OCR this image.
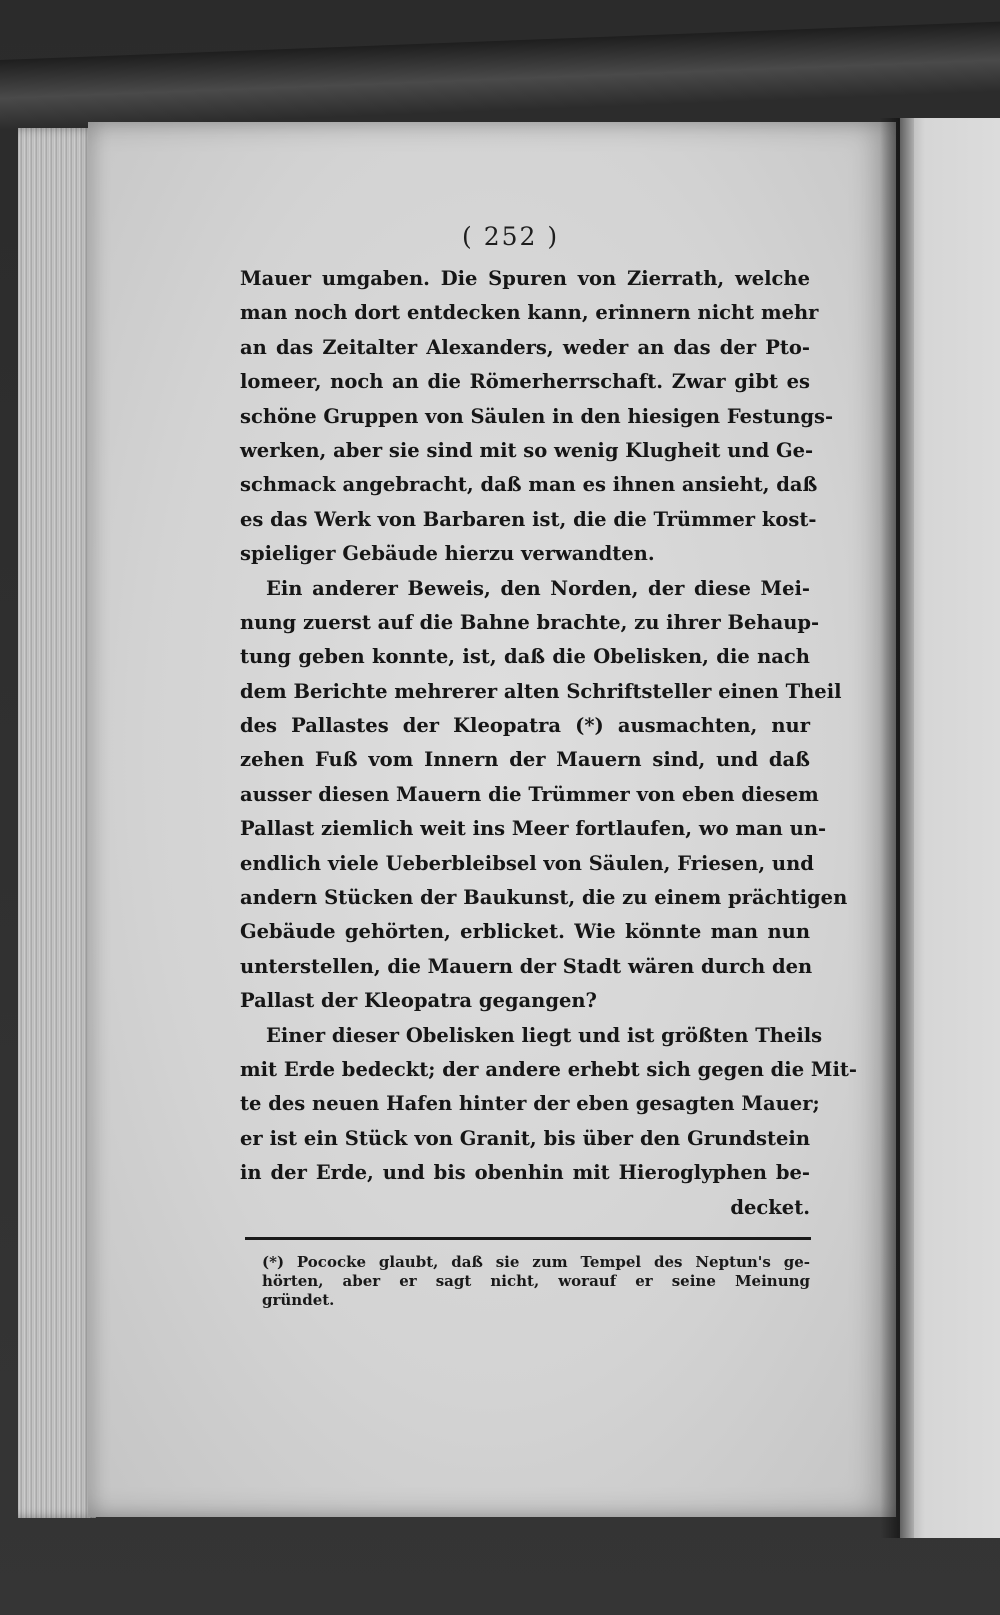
( 252 )
Mauer umgaben. Die Spuren von Zierrath, welche
man noch dort entdecken kann, erinnern nicht mehr
an das Zeitalter Alexanders, weder an das der Pto-
lomeer, noch an die Römerherrschaft. Zwar gibt es
schöne Gruppen von Säulen in den hiesigen Festungs-
werken, aber sie sind mit so wenig Klugheit und Ge-
schmack angebracht, daß man es ihnen ansieht, daß
es das Werk von Barbaren ist, die die Trümmer kost-
spieliger Gebäude hierzu verwandten.
Ein anderer Beweis, den Norden, der diese Mei-
nung zuerst auf die Bahne brachte, zu ihrer Behaup-
tung geben konnte, ist, daß die Obelisken, die nach
dem Berichte mehrerer alten Schriftsteller einen Theil
des Pallastes der Kleopatra (*) ausmachten, nur
zehen Fuß vom Innern der Mauern sind, und daß
ausser diesen Mauern die Trümmer von eben diesem
Pallast ziemlich weit ins Meer fortlaufen, wo man un-
endlich viele Ueberbleibsel von Säulen, Friesen, und
andern Stücken der Baukunst, die zu einem prächtigen
Gebäude gehörten, erblicket. Wie könnte man nun
unterstellen, die Mauern der Stadt wären durch den
Pallast der Kleopatra gegangen?
Einer dieser Obelisken liegt und ist größten Theils
mit Erde bedeckt; der andere erhebt sich gegen die Mit-
te des neuen Hafen hinter der eben gesagten Mauer;
er ist ein Stück von Granit, bis über den Grundstein
in der Erde, und bis obenhin mit Hieroglyphen be-
decket.
(*) Pococke glaubt, daß sie zum Tempel des Neptun's ge-
hörten, aber er sagt nicht, worauf er seine Meinung
gründet.
